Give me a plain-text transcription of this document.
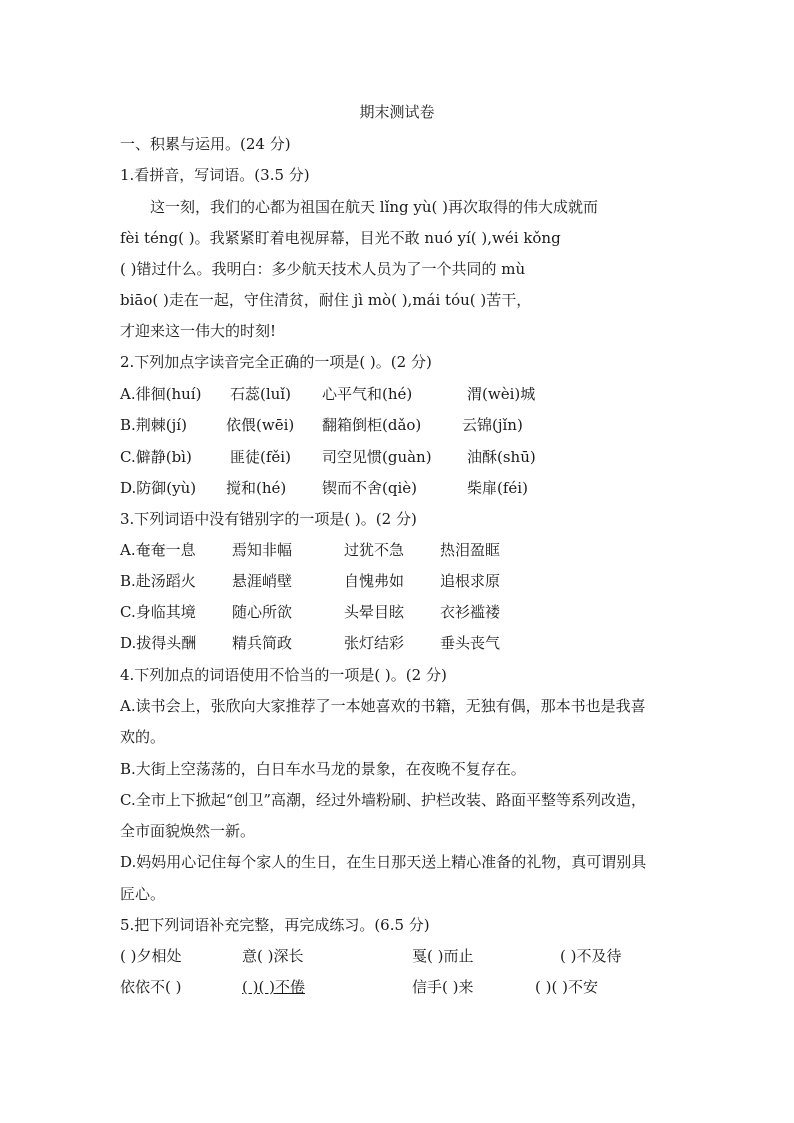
期末测试卷
一、积累与运用。(24 分)
1.看拼音，写词语。(3.5 分)
这一刻，我们的心都为祖国在航天 lǐng yù( )再次取得的伟大成就而
fèi téng( )。我紧紧盯着电视屏幕，目光不敢 nuó yí( ),wéi kǒng
( )错过什么。我明白：多少航天技术人员为了一个共同的 mù
biāo( )走在一起，守住清贫，耐住 jì mò( ),mái tóu( )苦干，
才迎来这一伟大的时刻!
2.下列加点字读音完全正确的一项是( )。(2 分)
A.徘徊(huí) 石蕊(luǐ) 心平气和(hé)	渭(wèi)城
B.荆棘(jí)	依偎(wēi) 翻箱倒柜(dǎo)	云锦(jǐn)
C.僻静(bì)	匪徒(fěi) 司空见惯(guàn) 油酥(shū)
D.防御(yù) 搅和(hé) 锲而不舍(qiè)	柴扉(féi)
3.下列词语中没有错别字的一项是( )。(2 分)
A.奄奄一息 焉知非幅	过犹不急 热泪盈眶
B.赴汤蹈火 悬涯峭壁	自愧弗如 追根求原
C.身临其境 随心所欲	头晕目眩 衣衫褴褛
D.拔得头酬 精兵简政	张灯结彩 垂头丧气
4.下列加点的词语使用不恰当的一项是( )。(2 分)
A.读书会上，张欣向大家推荐了一本她喜欢的书籍，无独有偶，那本书也是我喜
欢的。
B.大街上空荡荡的，白日车水马龙的景象，在夜晚不复存在。
C.全市上下掀起“创卫”高潮，经过外墙粉刷、护栏改装、路面平整等系列改造，
全市面貌焕然一新。
D.妈妈用心记住每个家人的生日，在生日那天送上精心准备的礼物，真可谓别具
匠心。
5.把下列词语补充完整，再完成练习。(6.5 分)
( )夕相处	意( )深长	戛( )而止	( )不及待
依依不( )	( )( )不倦	信手( )来	( )( )不安
